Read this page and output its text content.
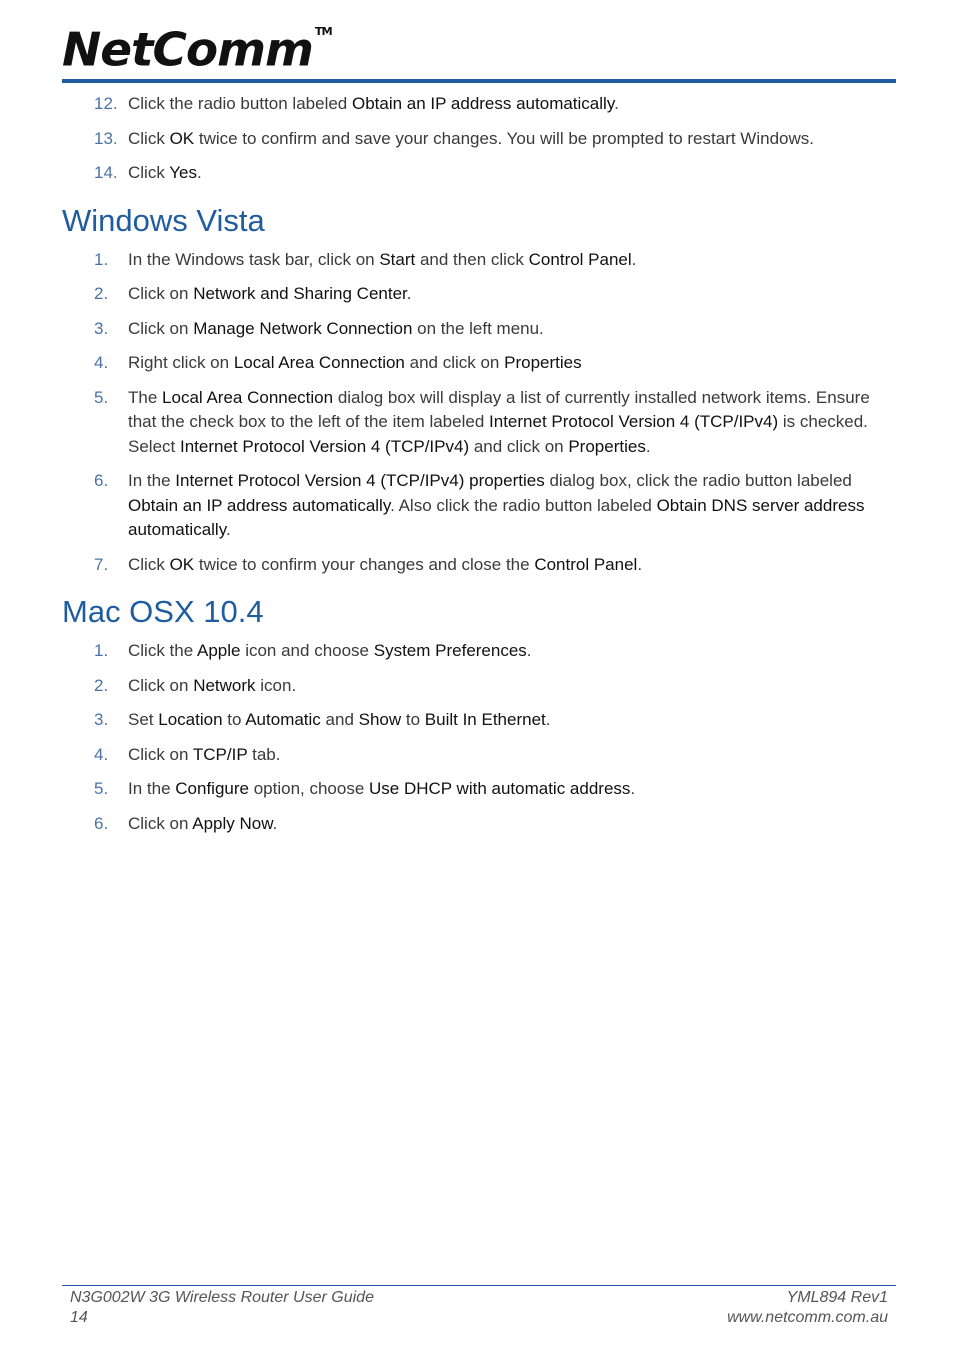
NetComm ™
12. Click the radio button labeled Obtain an IP address automatically.
13. Click OK twice to confirm and save your changes. You will be prompted to restart Windows.
14. Click Yes.
Windows Vista
1. In the Windows task bar, click on Start and then click Control Panel.
2. Click on Network and Sharing Center.
3. Click on Manage Network Connection on the left menu.
4. Right click on Local Area Connection and click on Properties
5. The Local Area Connection dialog box will display a list of currently installed network items. Ensure that the check box to the left of the item labeled Internet Protocol Version 4 (TCP/IPv4) is checked. Select Internet Protocol Version 4 (TCP/IPv4) and click on Properties.
6. In the Internet Protocol Version 4 (TCP/IPv4) properties dialog box, click the radio button labeled Obtain an IP address automatically. Also click the radio button labeled Obtain DNS server address automatically.
7. Click OK twice to confirm your changes and close the Control Panel.
Mac OSX 10.4
1. Click the Apple icon and choose System Preferences.
2. Click on Network icon.
3. Set Location to Automatic and Show to Built In Ethernet.
4. Click on TCP/IP tab.
5. In the Configure option, choose Use DHCP with automatic address.
6. Click on Apply Now.
N3G002W 3G Wireless Router User Guide
14
YML894 Rev1
www.netcomm.com.au
